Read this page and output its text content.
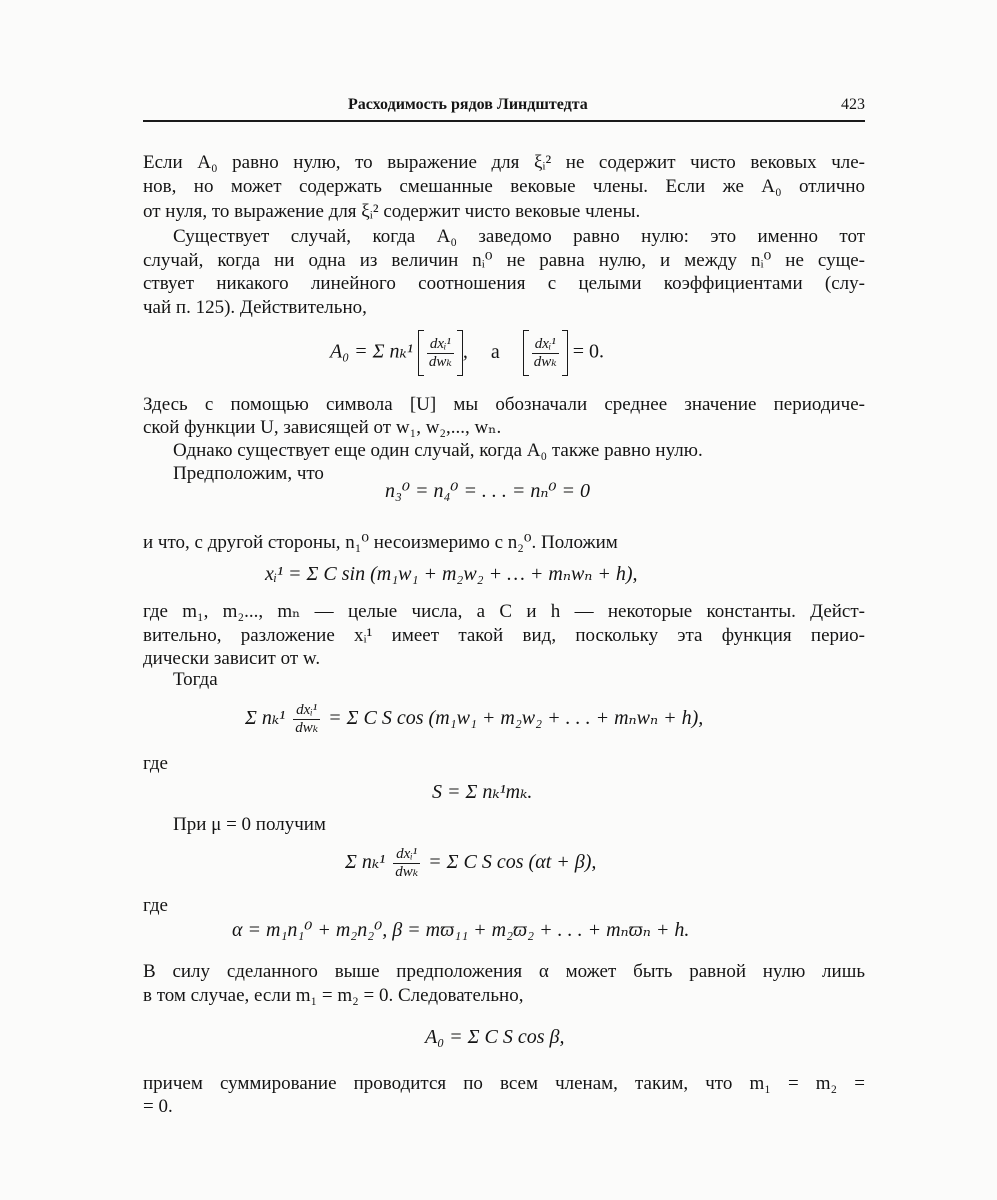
Расходимость рядов Линдштедта	423
Если A₀ равно нулю, то выражение для ξᵢ² не содержит чисто вековых чле-
нов, но может содержать смешанные вековые члены. Если же A₀ отлично
от нуля, то выражение для ξᵢ² содержит чисто вековые члены.
Существует случай, когда A₀ заведомо равно нулю: это именно тот
случай, когда ни одна из величин nᵢ⁰ не равна нулю, и между nᵢ⁰ не суще-
ствует никакого линейного соотношения с целыми коэффициентами (слу-
чай п. 125). Действительно,
A₀ = Σ $n_k^1 \frac{\text{dxᵢ¹}}{\text{dwₖ}}$ , а $\frac{\text{dxᵢ¹}}{\text{dwₖ}} = 0$.
Здесь с помощью символа [U] мы обозначали среднее значение периодиче-
ской функции U, зависящей от w₁, w₂,..., wₙ.
Однако существует еще один случай, когда A₀ также равно нулю.
Предположим, что
n₃⁰ = n₄⁰ = . . . = nₙ⁰ = 0
и что, с другой стороны, n₁⁰ несоизмеримо с n₂⁰. Положим
xᵢ¹ = Σ C sin (m₁w₁ + m₂w₂ + … + mₙwₙ + h),
где m₁, m₂..., mₙ — целые числа, а C и h — некоторые константы. Дейст-
вительно, разложение xᵢ¹ имеет такой вид, поскольку эта функция перио-
дически зависит от w.
Тогда
Σ $n_k^1 \frac{\text{dxᵢ¹}}{\text{dwₖ}} = \Sigma$ C S cos (m₁w₁ + m₂w₂ + . . . + mₙwₙ + h),
где
S = Σ nₖ¹mₖ.
При μ = 0 получим
Σ $n_k^1 \frac{\text{dxᵢ¹}}{\text{dwₖ}} = \Sigma$ C S cos (αt + β),
где
α = m₁n₁⁰ + m₂n₂⁰, β = mϖ₁₁ + m₂ϖ₂ + . . . + mₙϖₙ + h.
В силу сделанного выше предположения α может быть равной нулю лишь
в том случае, если m₁ = m₂ = 0. Следовательно,
A₀ = Σ C S cos β,
причем суммирование проводится по всем членам, таким, что m₁ = m₂ =
= 0.
